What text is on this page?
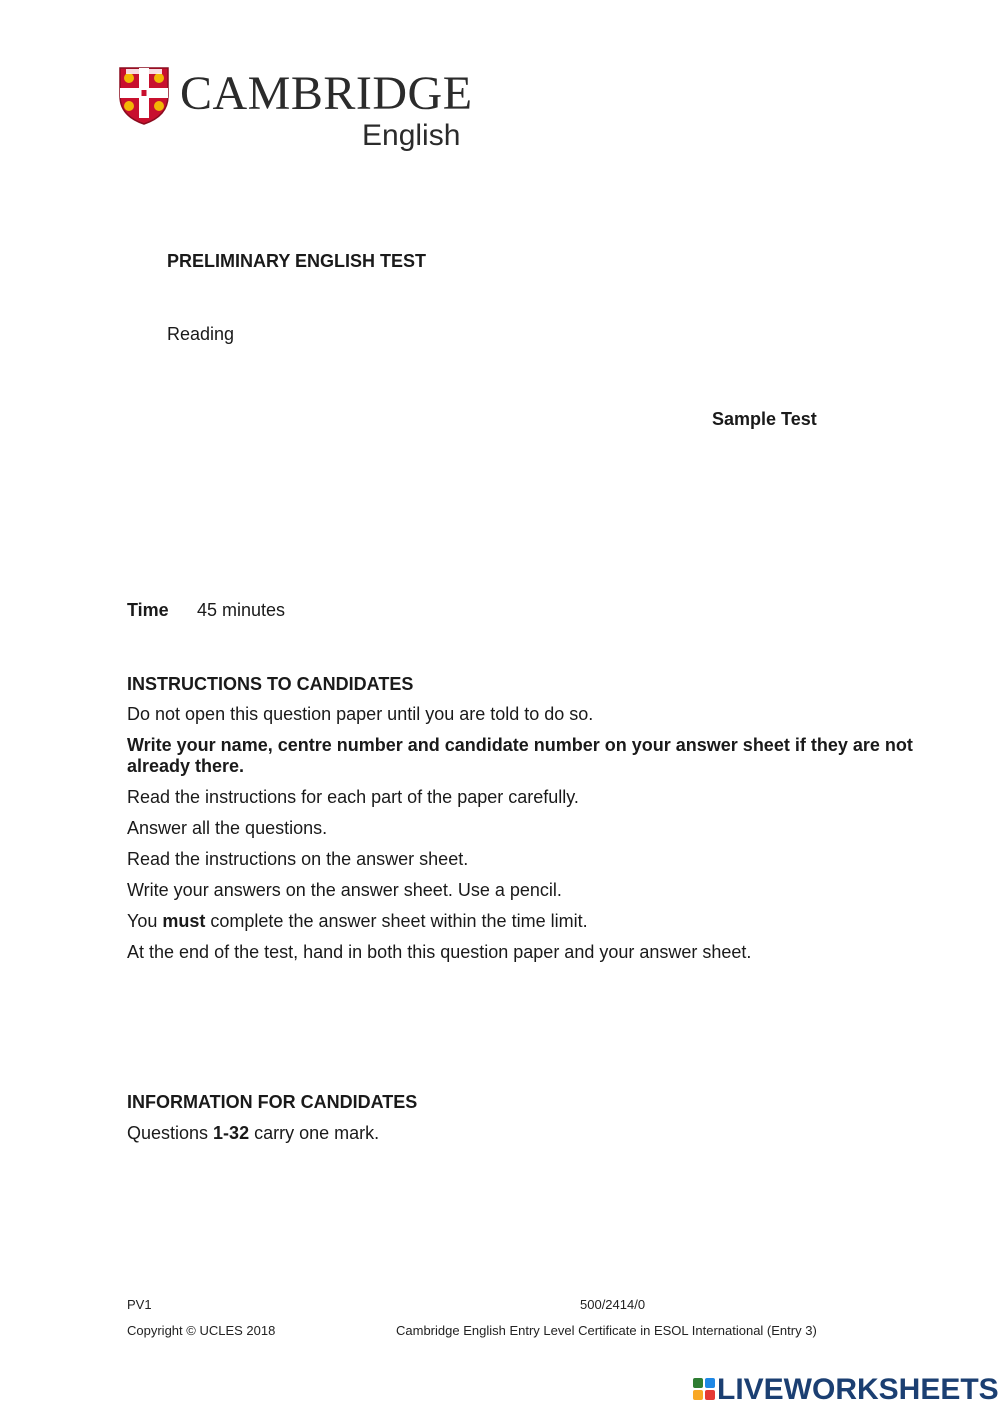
CAMBRIDGE
English
PRELIMINARY ENGLISH TEST
Reading
Sample Test
Time 45 minutes
INSTRUCTIONS TO CANDIDATES
Do not open this question paper until you are told to do so.
Write your name, centre number and candidate number on your answer sheet if they are not already there.
Read the instructions for each part of the paper carefully.
Answer all the questions.
Read the instructions on the answer sheet.
Write your answers on the answer sheet. Use a pencil.
You must complete the answer sheet within the time limit.
At the end of the test, hand in both this question paper and your answer sheet.
INFORMATION FOR CANDIDATES
Questions 1-32 carry one mark.
PV1	500/2414/0
Copyright © UCLES 2018	Cambridge English Entry Level Certificate in ESOL International (Entry 3)
LIVEWORKSHEETS
